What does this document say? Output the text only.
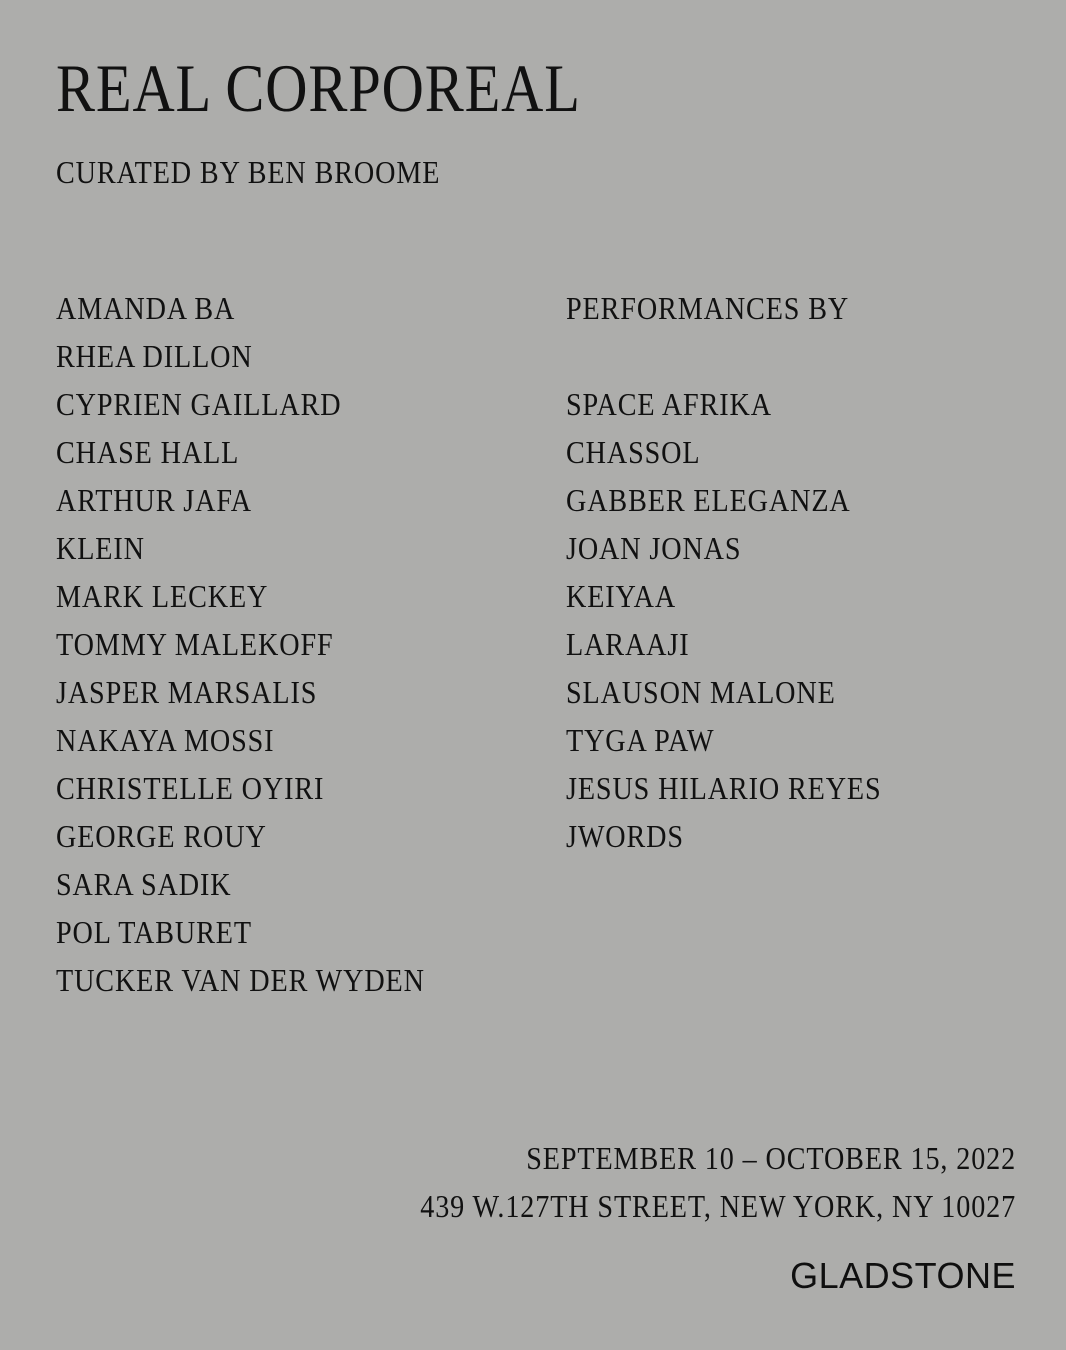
REAL CORPOREAL
CURATED BY BEN BROOME
AMANDA BA
RHEA DILLON
CYPRIEN GAILLARD
CHASE HALL
ARTHUR JAFA
KLEIN
MARK LECKEY
TOMMY MALEKOFF
JASPER MARSALIS
NAKAYA MOSSI
CHRISTELLE OYIRI
GEORGE ROUY
SARA SADIK
POL TABURET
TUCKER VAN DER WYDEN
PERFORMANCES BY
SPACE AFRIKA
CHASSOL
GABBER ELEGANZA
JOAN JONAS
KEIYAA
LARAAJI
SLAUSON MALONE
TYGA PAW
JESUS HILARIO REYES
JWORDS
SEPTEMBER 10 – OCTOBER 15, 2022
439 W.127TH STREET, NEW YORK, NY 10027
GLADSTONE
